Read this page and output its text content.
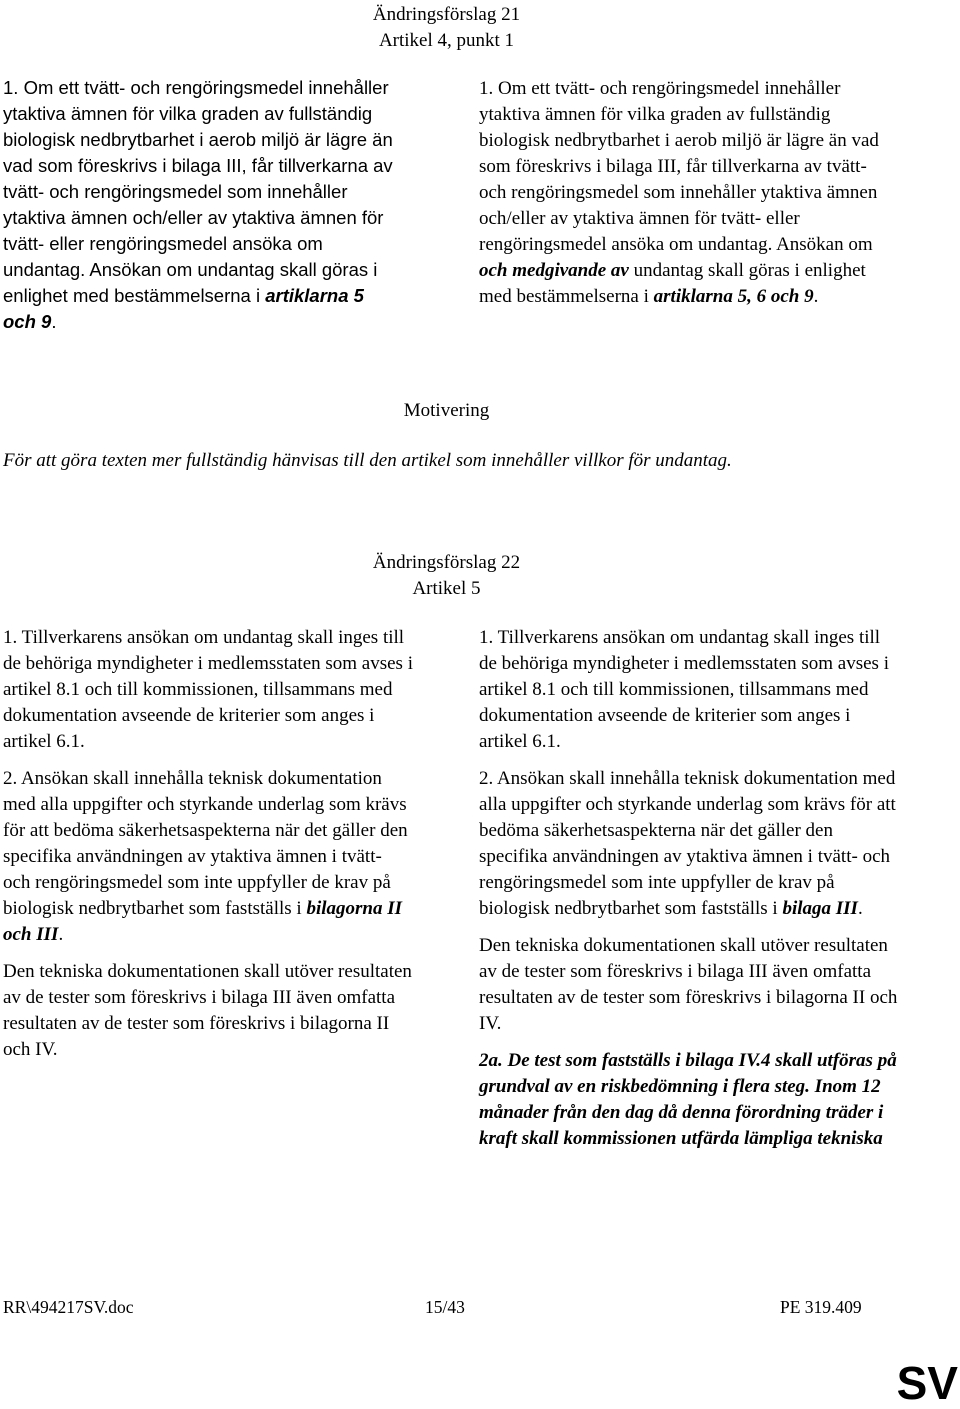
Ändringsförslag 21
Artikel 4, punkt 1

1. Om ett tvätt- och rengöringsmedel innehåller ytaktiva ämnen för vilka graden av fullständig biologisk nedbrytbarhet i aerob miljö är lägre än vad som föreskrivs i bilaga III, får tillverkarna av tvätt- och rengöringsmedel som innehåller ytaktiva ämnen och/eller av ytaktiva ämnen för tvätt- eller rengöringsmedel ansöka om undantag. Ansökan om undantag skall göras i enlighet med bestämmelserna i artiklarna 5 och 9.

1. Om ett tvätt- och rengöringsmedel innehåller ytaktiva ämnen för vilka graden av fullständig biologisk nedbrytbarhet i aerob miljö är lägre än vad som föreskrivs i bilaga III, får tillverkarna av tvätt- och rengöringsmedel som innehåller ytaktiva ämnen och/eller av ytaktiva ämnen för tvätt- eller rengöringsmedel ansöka om undantag. Ansökan om och medgivande av undantag skall göras i enlighet med bestämmelserna i artiklarna 5, 6 och 9.

Motivering
För att göra texten mer fullständig hänvisas till den artikel som innehåller villkor för undantag.
Ändringsförslag 22
Artikel 5

1. Tillverkarens ansökan om undantag skall inges till de behöriga myndigheter i medlemsstaten som avses i artikel 8.1 och till kommissionen, tillsammans med dokumentation avseende de kriterier som anges i artikel 6.1.

2. Ansökan skall innehålla teknisk dokumentation med alla uppgifter och styrkande underlag som krävs för att bedöma säkerhetsaspekterna när det gäller den specifika användningen av ytaktiva ämnen i tvätt- och rengöringsmedel som inte uppfyller de krav på biologisk nedbrytbarhet som fastställs i bilagorna II och III.

Den tekniska dokumentationen skall utöver resultaten av de tester som föreskrivs i bilaga III även omfatta resultaten av de tester som föreskrivs i bilagorna II och IV.

1. Tillverkarens ansökan om undantag skall inges till de behöriga myndigheter i medlemsstaten som avses i artikel 8.1 och till kommissionen, tillsammans med dokumentation avseende de kriterier som anges i artikel 6.1.

2. Ansökan skall innehålla teknisk dokumentation med alla uppgifter och styrkande underlag som krävs för att bedöma säkerhetsaspekterna när det gäller den specifika användningen av ytaktiva ämnen i tvätt- och rengöringsmedel som inte uppfyller de krav på biologisk nedbrytbarhet som fastställs i bilaga III.

Den tekniska dokumentationen skall utöver resultaten av de tester som föreskrivs i bilaga III även omfatta resultaten av de tester som föreskrivs i bilagorna II och IV.

2a. De test som fastställs i bilaga IV.4 skall utföras på grundval av en riskbedömning i flera steg. Inom 12 månader från den dag då denna förordning träder i kraft skall kommissionen utfärda lämpliga tekniska

RR\494217SV.doc	15/43	PE 319.409
SV
